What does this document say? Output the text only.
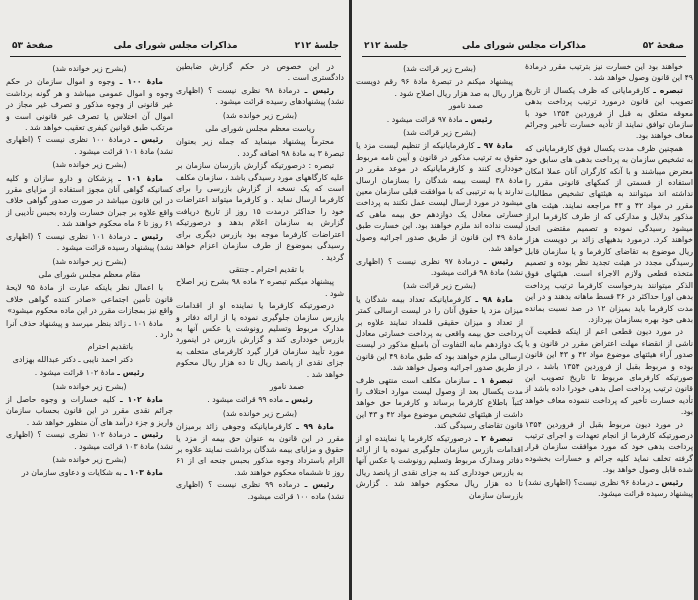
مذاکرات مجلس شورای ملی
صفحهٔ ۵۳	جلسهٔ ۲۱۲

در این خصوص در حکم گزارش ضابطین دادگستری است .

رئیس ـ درمادهٔ ۹۸ نظری نیست ؟ (اظهاری نشد) پیشنهادهای رسیده قرائت میشود .

(بشرح زیر خوانده شد)

ریاست معظم مجلس شورای ملی

محترماً پیشنهاد مینماید که جمله زیر بعنوان تبصرهٔ ۳ به مادهٔ ۹۸ اضافه گردد .

تبصره : درصورتیکه گزارش بازرسان سازمان بر علیه کارگاههای مورد رسیدگی باشد ، سازمان مکلف است که یک نسخه از گزارش بازرسی را برای کارفرما ارسال نماید . و کارفرما میتواند اعتراضات خود را حداکثر درمدت ۱۵ روز از تاریخ دریافت گزارش به سازمان اعلام بدهد و درصورتیکه اعتراضات کارفرما موجه بود بازرس دیگری برای رسیدگی بموضوع از طرف سازمان اعزام خواهد گردید .

با تقدیم احترام ـ جنتقی

پیشنهاد میکنم تبصره ۲ ماده ۹۸ بشرح زیر اصلاح شود .

درصورتیکه کارفرما یا نماینده او از اقدامات بازرس سازمان جلوگیری نموده یا از ارائه دفاتر و مدارک مربوط وتسلیم رونوشت یا عکس آنها به بازرس خودداری کند و گزارش بازرس در اینمورد مورد تأیید سازمان قرار گیرد کارفرمای متخلف به جزای نقدی از پانصد ریال تا ده هزار ریال محکوم خواهد شد .

صمد نامور

رئیس ـ ماده ۹۹ قرائت میشود .

(بشرح زیر خوانده شد)

مادهٔ ۹۹ ـ کارفرمایانیکه وجوهی زائد برمیزان مقرر در این قانون به عنوان حق بیمه از مزد یا حقوق و مزایای بیمه شدگان برداشت نمایند علاوه بر الزام باسترداد وجوه مذکور بحبس جنحه ای از ۶۱ روز تا ششماه محکوم خواهند شد.

رئیس ـ درماده ۹۹ نظری نیست ؟ (اظهاری نشد) ماده ۱۰۰ قرائت میشود.

(بشرح زیر خوانده شد)

مادهٔ ۱۰۰ ـ وجوه و اموال سازمان در حکم وجوه و اموال عمومی میباشد و هر گونه برداشت غیر قانونی از وجوه مذکور و تصرف غیر مجاز در اموال آن اختلاس یا تصرف غیر قانونی است و مرتکب طبق قوانین کیفری تعقیب خواهد شد .

رئیس ـ درمادهٔ ۱۰۰ نظری نیست ؟ (اظهاری نشد) مادهٔ ۱۰۱ قرائت میشود .

(بشرح زیر خوانده شد)

مادهٔ ۱۰۱ ـ پزشکان و دارو سازان و کلیه کسانیکه گواهی آنان مجوز استفاده از مزایای مقرر در این قانون میباشد در صورت صدور گواهی خلاف واقع علاوه بر جبران خسارت وارده بحبس تأدیبی از ۶۱ روز تا ۶ ماه محکوم خواهند شد .

رئیس ـ درمادهٔ ۱۰۱ نظری نیست ؟ (اظهاری نشد) پیشنهاد رسیده قرائت میشود .

(بشرح زیر خوانده شد)

مقام معظم مجلس شورای ملی

با اعمال نظر باینکه عبارت از مادهٔ ۹۵ لایحهٔ قانون تأمین اجتماعی «صادر کننده گواهی خلاف واقع نیز بمجازات مقرر در این ماده محکوم میشود»

مادهٔ ۱۰۱ ـ زائد بنظر میرسد و پیشنهاد حذف آنرا دارد .

باتقدیم احترام

دکتر احمد نایبی ـ دکتر عبدالله بهزادی

رئیس ـ مادهٔ ۱۰۲ قرائت میشود .

(بشرح زیر خوانده شد)

مادهٔ ۱۰۲ ـ کلیه خسارات و وجوه حاصل از جرائم نقدی مقرر در این قانون بحساب سازمان واریز و جزء درآمد های آن منظور خواهد شد .

رئیس ـ درمادهٔ ۱۰۲ نظری نیست ؟ (اظهاری نشد) مادهٔ ۱۰۳ قرائت میشود .

(بشرح زیر خوانده شد)

مادهٔ ۱۰۳ ـ به شکایات و دعاوی سازمان در

مذاکرات مجلس شورای ملی
جلسهٔ ۲۱۲	صفحهٔ ۵۲

خواهند بود این خسارت نیز بترتیب مقرر درمادهٔ ۴۹ این قانون وصول خواهد شد .

تبصره ـ کارفرمایانی که ظرف یکسال از تاریخ تصویب این قانون درمورد ترتیب پرداخت بدهی معوقه متعلق به قبل از فروردین ۱۳۵۴ خود با سازمان توافق نمایند از تأدیه خسارت تأخیر وجرائم معاف خواهند بود.

همچنین ظرف مدت یکسال فوق کارفرمایانی که به تشخیص سازمان به پرداخت بدهی های سابق خود معترض میباشند و با آنکه کارگران آنان عملا امکان استفاده از قسمتی از کمکهای قانونی مقرر را نداشته اند میتوانند به هیئتهای تشخیص مطالبات مقرر در مواد ۴۲ و ۴۳ مراجعه نمایند. هیئت های مذکور بدلایل و مدارکی که از طرف کارفرما ابراز میشود رسیدگی نموده و تصمیم مقتضی اتخاذ خواهند کرد. درمورد بدهیهای زائد بر دویست هزار ریال موضوع به تقاضای کارفرما و یا سازمان قابل رسیدگی مجدد در هیئت تجدید نظر بوده و تصمیم متخذه قطعی ولازم الاجراء است. هیئتهای فوق الذکر میتوانند بدرخواست کارفرما ترتیب پرداخت بدهی اورا حداکثر در ۳۶ قسط ماهانه بدهند و در این مدت کارفرما باید بمیزان ۱۲ در صد نسبت بمانده بدهی خود بهره بسازمان بپردازد.

در مورد دیون قطعی اعم از اینکه قطعیت آن ناشی از انقضاء مهلت اعتراض مقرر در قانون و یا صدور آراء هیئتهای موضوع مواد ۴۲ و ۴۳ این قانون بوده و مربوط بقبل از فروردین ۱۳۵۴ باشد ، در صورتیکه کارفرمای مربوط تا تاریخ تصویب این قانون ترتیب پرداخت اصل بدهی خودرا داده باشد از تأدیه خسارت تأخیر که پرداخت ننموده معاف خواهد بود.

در مورد دیون مربوط بقبل از فروردین ۱۳۵۴ درصورتیکه کارفرما از انجام تعهدات و اجرای ترتیب پرداخت بدهی خود که مورد موافقت سازمان قرار گرفته تخلف نماید کلیه جرائم و خسارات بخشوده شده قابل وصول خواهد بود.

رئیس ـ درمادهٔ ۹۶ نظری نیست؟ (اظهاری نشد) پیشنهاد رسیده قرائت میشود.

(بشرح زیر قرائت شد)

پیشنهاد میکنم در تبصرهٔ مادهٔ ۹۶ رقم دویست هزار ریال به صد هزار ریال اصلاح شود .

صمد نامور

رئیس ـ مادهٔ ۹۷ قرائت میشود .

(بشرح زیر قرائت شد)

مادهٔ ۹۷ ـ کارفرمایانیکه از تنظیم لیست مزد یا حقوق به ترتیب مذکور در قانون و آیین نامه مربوط خودداری کنند و کارفرمایانیکه در موعد مقرر در مادهٔ ۳۸ لیست بیمه شدگان را بسازمان ارسال ندارند یا به ترتیبی که با موافقت قبلی سازمان معین میشود در مورد ارسال لیست عمل نکنند به پرداخت خسارتی معادل یک دوازدهم حق بیمه ماهی که لیست نداده اند ملزم خواهند بود. این خسارت طبق مادهٔ ۴۹ این قانون از طریق صدور اجرائیه وصول خواهد شد.

رئیس ـ درمادهٔ ۹۷ نظری نیست ؟ (اظهاری نشد) مادهٔ ۹۸ قرائت میشود.

(بشرح زیر قرائت شد)

مادهٔ ۹۸ ـ کارفرمایانیکه تعداد بیمه شدگان یا میزان مزد یا حقوق آنان را در لیست ارسالی کمتر از تعداد و میزان حقیقی قلمداد نمایند علاوه بر پرداخت حق بیمه واقعی به پرداخت خسارتی معادل یک دوازدهم مابه التفاوت آن بامبلغ مذکور در لیست ارسالی ملزم خواهند بود که طبق مادهٔ ۴۹ این قانون از طریق صدور اجرائیه وصول خواهد شد.

تبصرهٔ ۱ ـ سازمان مکلف است منتهی ظرف مدت یکسال بعد از وصول لیست موارد اختلاف را کتباً باطلاع کارفرما برساند و کارفرما حق خواهد داشت از هیئتهای تشخیص موضوع مواد ۴۲ و ۴۳ این قانون تقاضای رسیدگی کند.

تبصرهٔ ۲ ـ درصورتیکه کارفرما یا نماینده او از اقدامات بازرس سازمان جلوگیری نموده یا از ارائه دفاتر ومدارک مربوط وتسلیم رونوشت یا عکس آنها به بازرس خودداری کند به جزای نقدی از پانصد ریال تا ده هزار ریال محکوم خواهد شد . گزارش بازرسان سازمان
